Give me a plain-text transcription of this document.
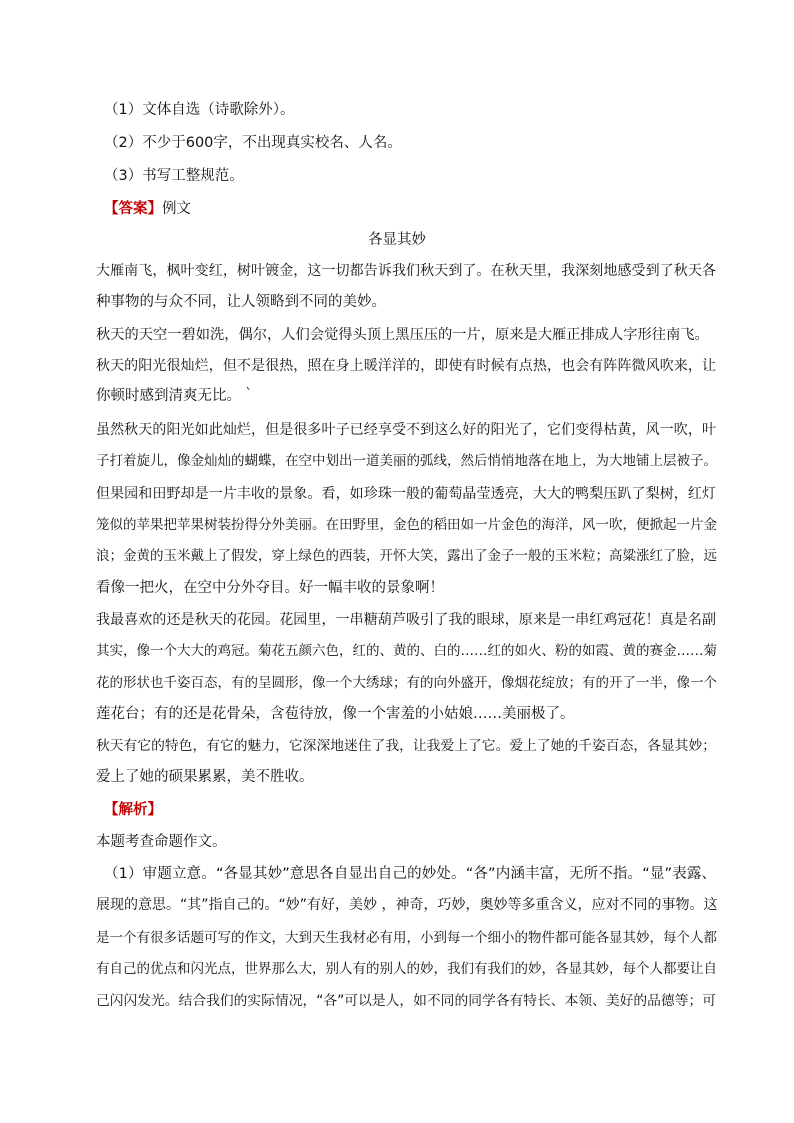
（1）文体自选（诗歌除外）。
（2）不少于600字，不出现真实校名、人名。
（3）书写工整规范。
【答案】例文
各显其妙
大雁南飞，枫叶变红，树叶镀金，这一切都告诉我们秋天到了。在秋天里，我深刻地感受到了秋天各
种事物的与众不同，让人领略到不同的美妙。
秋天的天空一碧如洗，偶尔，人们会觉得头顶上黑压压的一片，原来是大雁正排成人字形往南飞。
秋天的阳光很灿烂，但不是很热，照在身上暖洋洋的，即使有时候有点热，也会有阵阵微风吹来，让
你顿时感到清爽无比。｀
虽然秋天的阳光如此灿烂，但是很多叶子已经享受不到这么好的阳光了，它们变得枯黄，风一吹，叶
子打着旋儿，像金灿灿的蝴蝶，在空中划出一道美丽的弧线，然后悄悄地落在地上，为大地铺上层被子。
但果园和田野却是一片丰收的景象。看，如珍珠一般的葡萄晶莹透亮，大大的鸭梨压趴了梨树，红灯
笼似的苹果把苹果树装扮得分外美丽。在田野里，金色的稻田如一片金色的海洋，风一吹，便掀起一片金
浪；金黄的玉米戴上了假发，穿上绿色的西装，开怀大笑，露出了金子一般的玉米粒；高粱涨红了脸，远
看像一把火，在空中分外夺目。好一幅丰收的景象啊！
我最喜欢的还是秋天的花园。花园里，一串糖葫芦吸引了我的眼球，原来是一串红鸡冠花！真是名副
其实，像一个大大的鸡冠。菊花五颜六色，红的、黄的、白的……红的如火、粉的如霞、黄的赛金……菊
花的形状也千姿百态，有的呈圆形，像一个大绣球；有的向外盛开，像烟花绽放；有的开了一半，像一个
莲花台；有的还是花骨朵，含苞待放，像一个害羞的小姑娘……美丽极了。
秋天有它的特色，有它的魅力，它深深地迷住了我，让我爱上了它。爱上了她的千姿百态，各显其妙；
爱上了她的硕果累累，美不胜收。
【解析】
本题考查命题作文。
（1）审题立意。“各显其妙”意思各自显出自己的妙处。“各”内涵丰富，无所不指。“显”表露、
展现的意思。“其”指自己的。“妙”有好，美妙 ，神奇，巧妙，奥妙等多重含义，应对不同的事物。这
是一个有很多话题可写的作文，大到天生我材必有用，小到每一个细小的物件都可能各显其妙，每个人都
有自己的优点和闪光点，世界那么大，别人有的别人的妙，我们有我们的妙，各显其妙，每个人都要让自
己闪闪发光。结合我们的实际情况，“各”可以是人，如不同的同学各有特长、本领、美好的品德等；可
